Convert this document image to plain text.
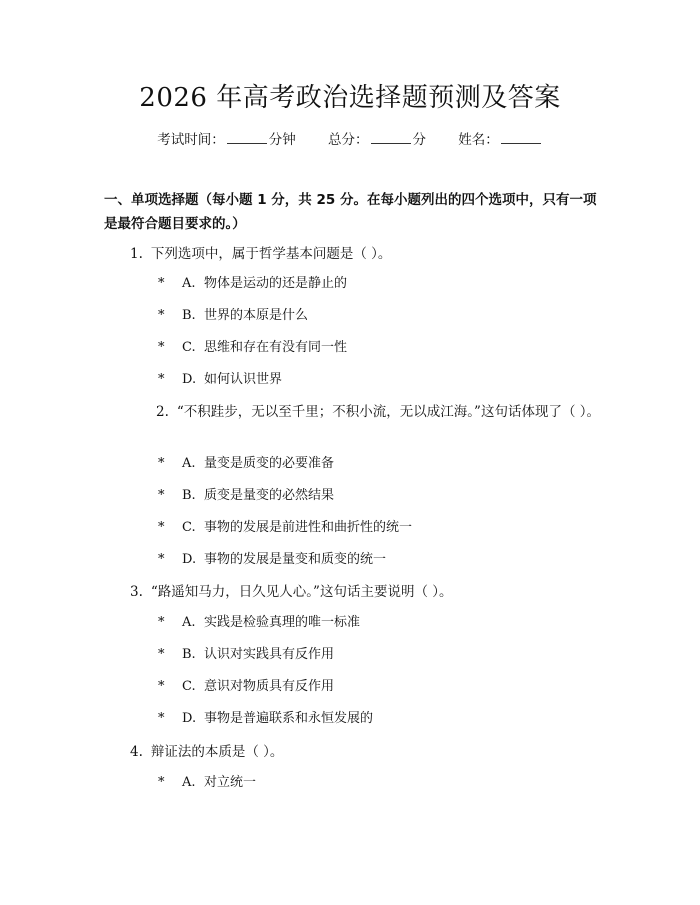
2026 年高考政治选择题预测及答案
考试时间：	分钟 总分：	分 姓名：
一、单项选择题（每小题 1 分，共 25 分。在每小题列出的四个选项中，只有一项是最符合题目要求的。）
1. 下列选项中，属于哲学基本问题是（ ）。
* A. 物体是运动的还是静止的
* B. 世界的本原是什么
* C. 思维和存在有没有同一性
* D. 如何认识世界
2. “不积跬步，无以至千里；不积小流，无以成江海。”这句话体现了（ ）。
* A. 量变是质变的必要准备
* B. 质变是量变的必然结果
* C. 事物的发展是前进性和曲折性的统一
* D. 事物的发展是量变和质变的统一
3. “路遥知马力，日久见人心。”这句话主要说明（ ）。
* A. 实践是检验真理的唯一标准
* B. 认识对实践具有反作用
* C. 意识对物质具有反作用
* D. 事物是普遍联系和永恒发展的
4. 辩证法的本质是（ ）。
* A. 对立统一
